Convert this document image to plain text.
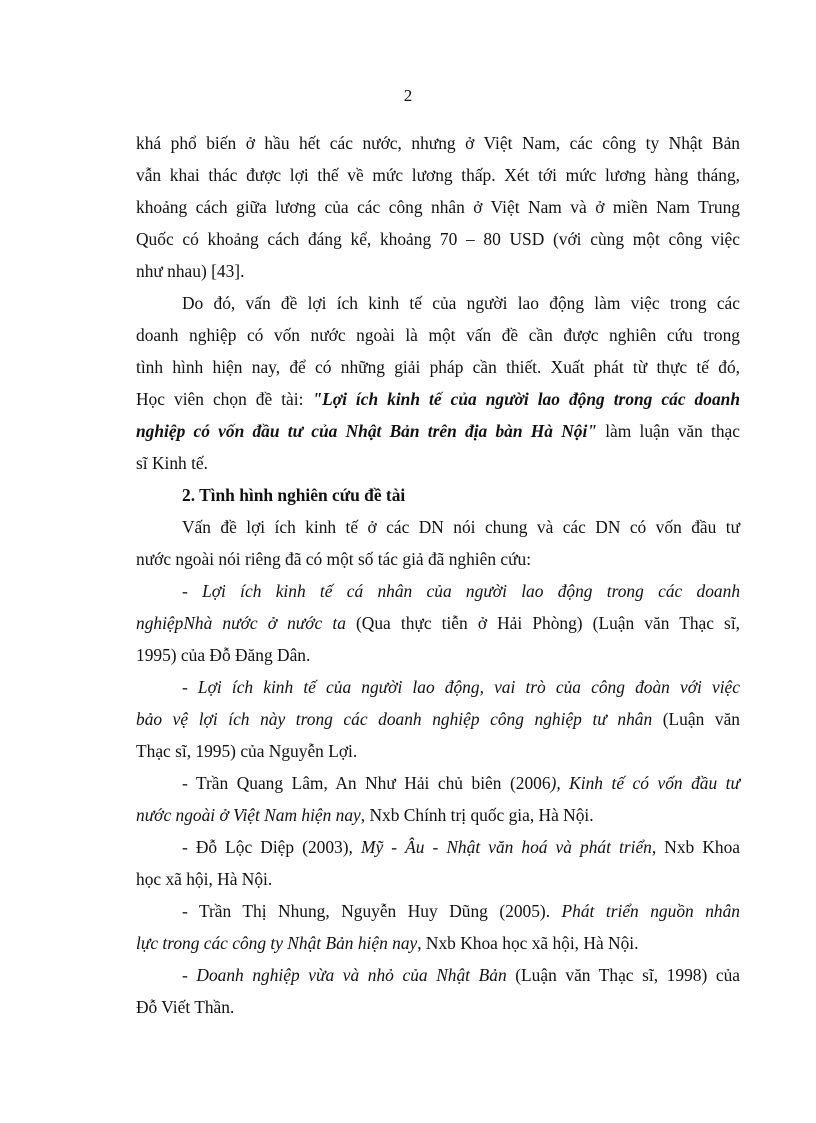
2
khá phổ biến ở hầu hết các nước, nhưng ở Việt Nam, các công ty Nhật Bản
vẫn khai thác được lợi thế về mức lương thấp. Xét tới mức lương hàng tháng,
khoảng cách giữa lương của các công nhân ở Việt Nam và ở miền Nam Trung
Quốc có khoảng cách đáng kể, khoảng 70 – 80 USD (với cùng một công việc
như nhau) [43].
Do đó, vấn đề lợi ích kinh tế của người lao động làm việc trong các
doanh nghiệp có vốn nước ngoài là một vấn đề cần được nghiên cứu trong
tình hình hiện nay, để có những giải pháp cần thiết. Xuất phát từ thực tế đó,
Học viên chọn đề tài: "Lợi ích kinh tế của người lao động trong các doanh
nghiệp có vốn đầu tư của Nhật Bản trên địa bàn Hà Nội" làm luận văn thạc
sĩ Kinh tế.
2. Tình hình nghiên cứu đề tài
Vấn đề lợi ích kinh tế ở các DN nói chung và các DN có vốn đầu tư
nước ngoài nói riêng đã có một số tác giả đã nghiên cứu:
- Lợi ích kinh tế cá nhân của người lao động trong các doanh
nghiệpNhà nước ở nước ta (Qua thực tiễn ở Hải Phòng) (Luận văn Thạc sĩ,
1995) của Đỗ Đăng Dân.
- Lợi ích kinh tế của người lao động, vai trò của công đoàn với việc
bảo vệ lợi ích này trong các doanh nghiệp công nghiệp tư nhân (Luận văn
Thạc sĩ, 1995) của Nguyễn Lợi.
- Trần Quang Lâm, An Như Hải chủ biên (2006), Kinh tế có vốn đầu tư
nước ngoài ở Việt Nam hiện nay, Nxb Chính trị quốc gia, Hà Nội.
- Đỗ Lộc Diệp (2003), Mỹ - Âu - Nhật văn hoá và phát triển, Nxb Khoa
học xã hội, Hà Nội.
- Trần Thị Nhung, Nguyễn Huy Dũng (2005). Phát triển nguồn nhân
lực trong các công ty Nhật Bản hiện nay, Nxb Khoa học xã hội, Hà Nội.
- Doanh nghiệp vừa và nhỏ của Nhật Bản (Luận văn Thạc sĩ, 1998) của
Đỗ Viết Thần.
